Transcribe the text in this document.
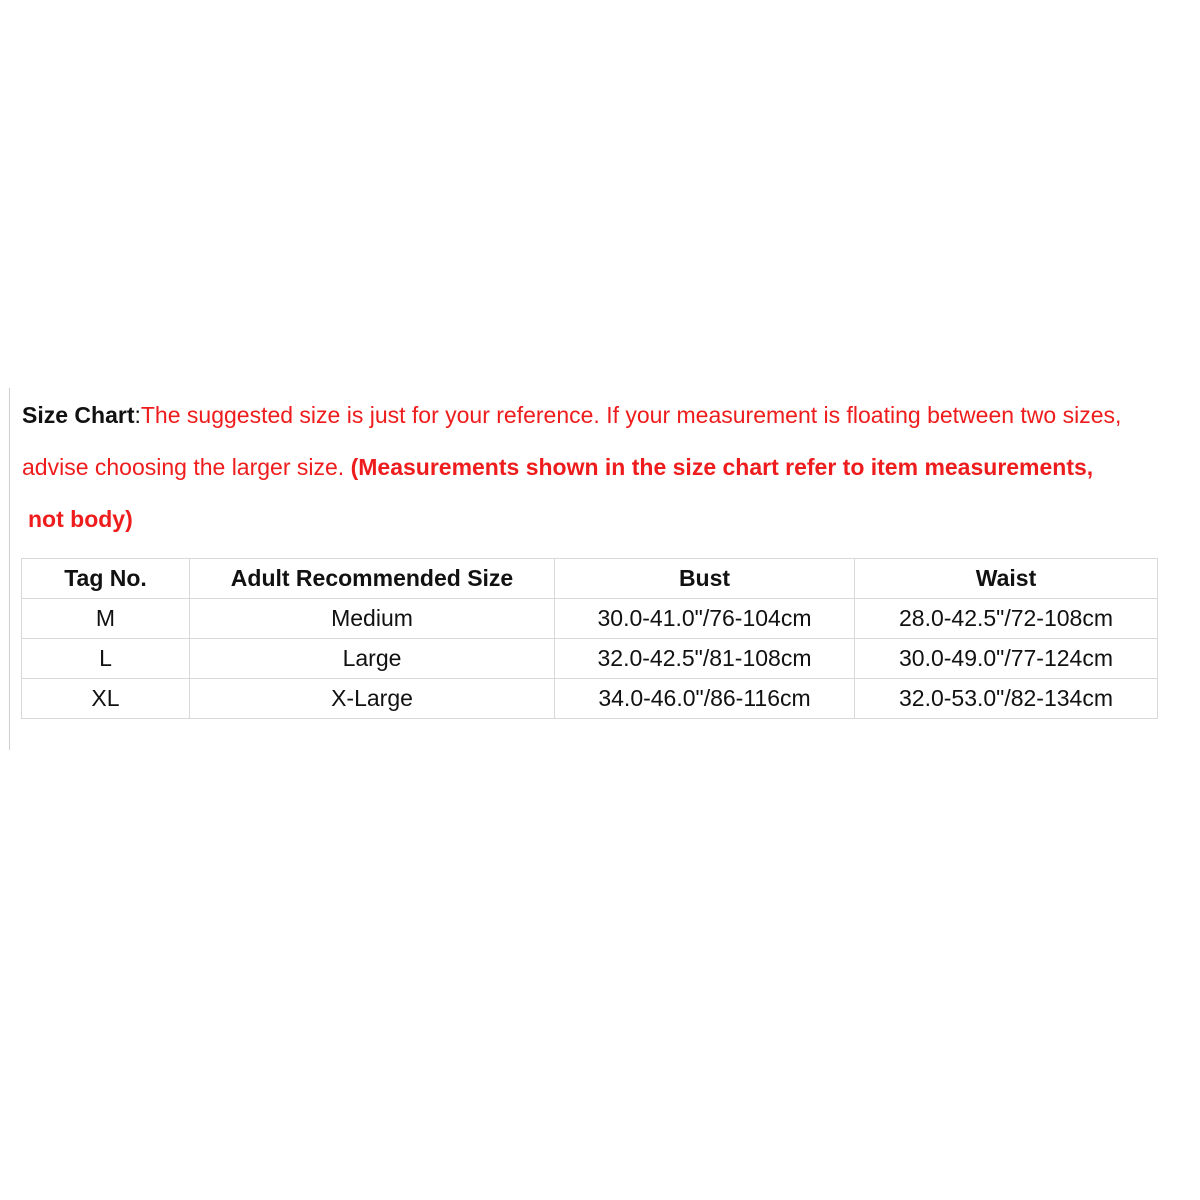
Size Chart:The suggested size is just for your reference. If your measurement is floating between two sizes, advise choosing the larger size. (Measurements shown in the size chart refer to item measurements,
not body)

Tag No.	Adult Recommended Size	Bust	Waist
M	Medium	30.0-41.0"/76-104cm	28.0-42.5"/72-108cm
L	Large	32.0-42.5"/81-108cm	30.0-49.0"/77-124cm
XL	X-Large	34.0-46.0"/86-116cm	32.0-53.0"/82-134cm
